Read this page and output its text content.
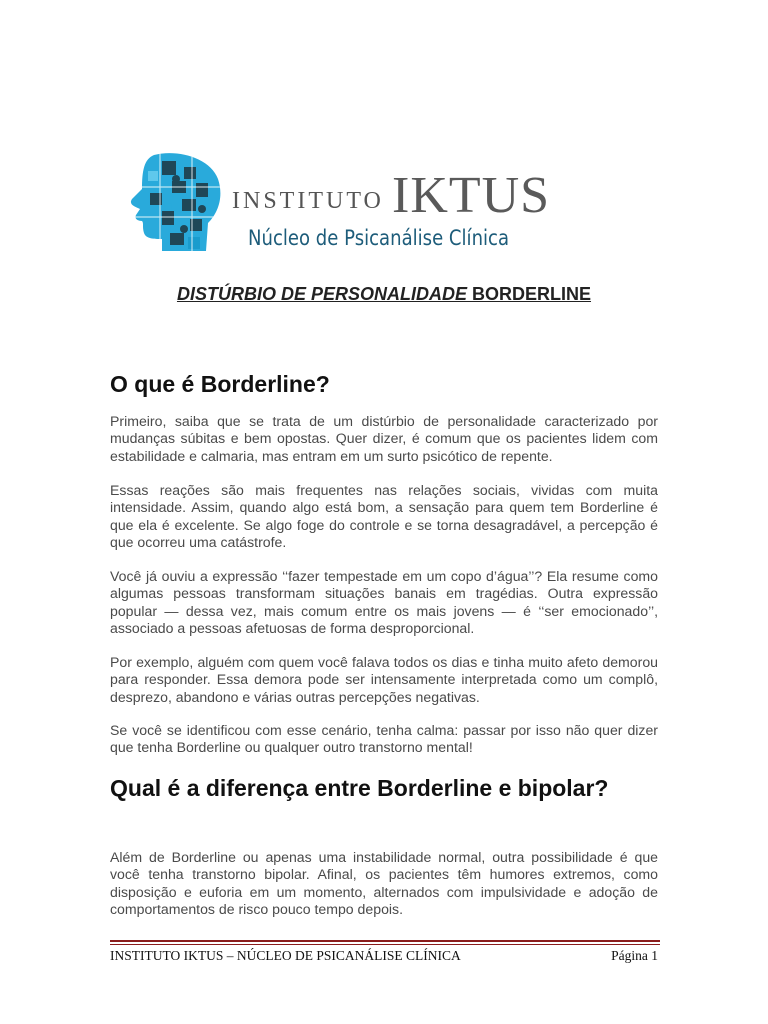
INSTITUTO IKTUS
Núcleo de Psicanálise Clínica
DISTÚRBIO DE PERSONALIDADE BORDERLINE
O que é Borderline?

Primeiro, saiba que se trata de um distúrbio de personalidade caracterizado por mudanças súbitas e bem opostas. Quer dizer, é comum que os pacientes lidem com estabilidade e calmaria, mas entram em um surto psicótico de repente.

Essas reações são mais frequentes nas relações sociais, vividas com muita intensidade. Assim, quando algo está bom, a sensação para quem tem Borderline é que ela é excelente. Se algo foge do controle e se torna desagradável, a percepção é que ocorreu uma catástrofe.

Você já ouviu a expressão ‘‘fazer tempestade em um copo d’água’’? Ela resume como algumas pessoas transformam situações banais em tragédias. Outra expressão popular — dessa vez, mais comum entre os mais jovens — é ‘‘ser emocionado’’, associado a pessoas afetuosas de forma desproporcional.

Por exemplo, alguém com quem você falava todos os dias e tinha muito afeto demorou para responder. Essa demora pode ser intensamente interpretada como um complô, desprezo, abandono e várias outras percepções negativas.

Se você se identificou com esse cenário, tenha calma: passar por isso não quer dizer que tenha Borderline ou qualquer outro transtorno mental!

Qual é a diferença entre Borderline e bipolar?

Além de Borderline ou apenas uma instabilidade normal, outra possibilidade é que você tenha transtorno bipolar. Afinal, os pacientes têm humores extremos, como disposição e euforia em um momento, alternados com impulsividade e adoção de comportamentos de risco pouco tempo depois.

INSTITUTO IKTUS – NÚCLEO DE PSICANÁLISE CLÍNICA	Página 1
